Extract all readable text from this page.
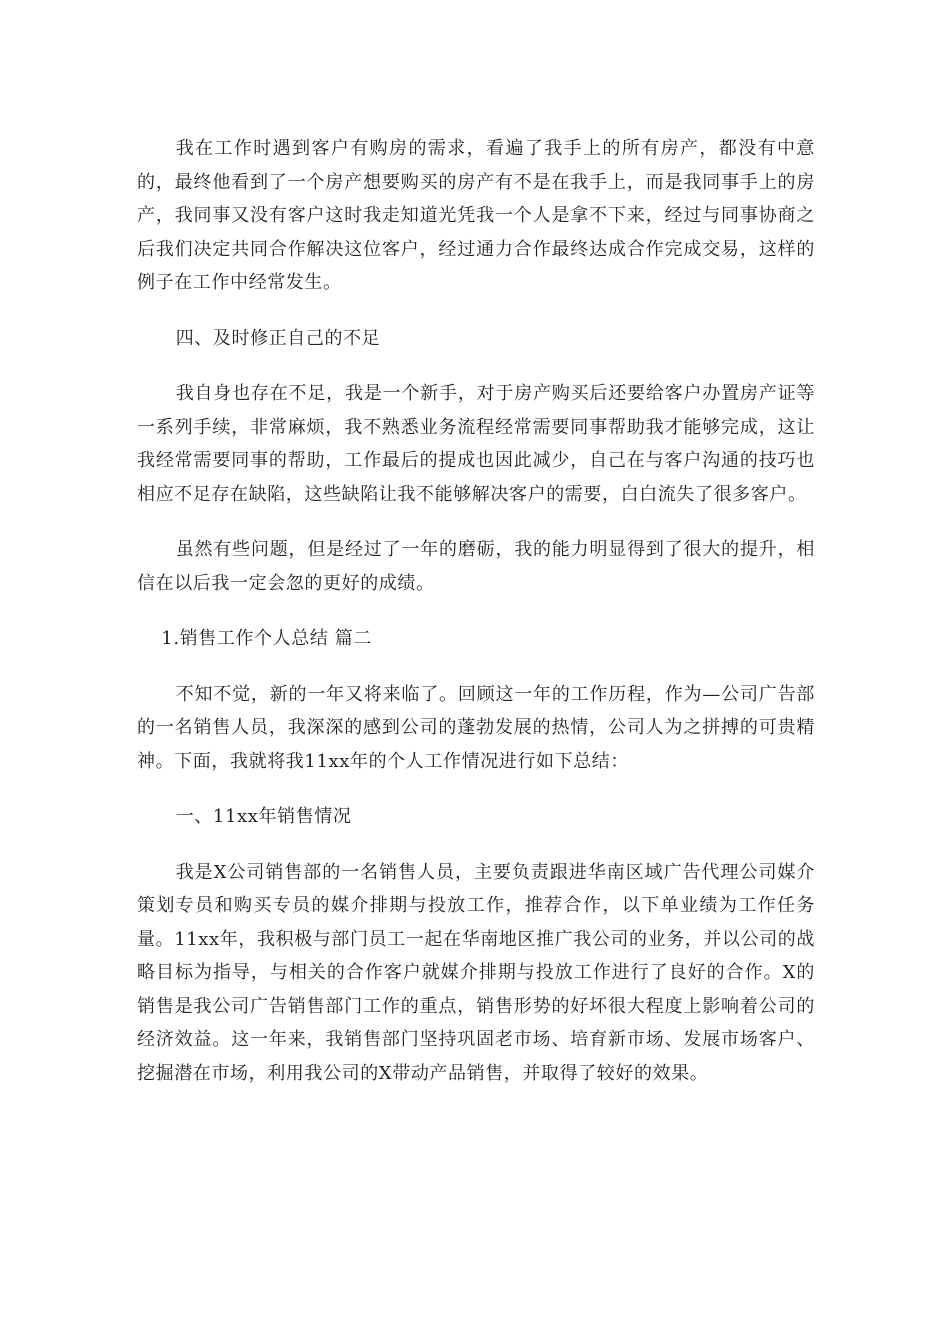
我在工作时遇到客户有购房的需求，看遍了我手上的所有房产，都没有中意的，最终他看到了一个房产想要购买的房产有不是在我手上，而是我同事手上的房产，我同事又没有客户这时我走知道光凭我一个人是拿不下来，经过与同事协商之后我们决定共同合作解决这位客户，经过通力合作最终达成合作完成交易，这样的例子在工作中经常发生。

四、及时修正自己的不足

我自身也存在不足，我是一个新手，对于房产购买后还要给客户办置房产证等一系列手续，非常麻烦，我不熟悉业务流程经常需要同事帮助我才能够完成，这让我经常需要同事的帮助，工作最后的提成也因此减少，自己在与客户沟通的技巧也相应不足存在缺陷，这些缺陷让我不能够解决客户的需要，白白流失了很多客户。

虽然有些问题，但是经过了一年的磨砺，我的能力明显得到了很大的提升，相信在以后我一定会忽的更好的成绩。

1.销售工作个人总结 篇二

不知不觉，新的一年又将来临了。回顾这一年的工作历程，作为—公司广告部的一名销售人员，我深深的感到公司的蓬勃发展的热情，公司人为之拼搏的可贵精神。下面，我就将我11xx年的个人工作情况进行如下总结：

一、11xx年销售情况

我是X公司销售部的一名销售人员，主要负责跟进华南区域广告代理公司媒介策划专员和购买专员的媒介排期与投放工作，推荐合作，以下单业绩为工作任务量。11xx年，我积极与部门员工一起在华南地区推广我公司的业务，并以公司的战略目标为指导，与相关的合作客户就媒介排期与投放工作进行了良好的合作。X的销售是我公司广告销售部门工作的重点，销售形势的好坏很大程度上影响着公司的经济效益。这一年来，我销售部门坚持巩固老市场、培育新市场、发展市场客户、挖掘潜在市场，利用我公司的X带动产品销售，并取得了较好的效果。
